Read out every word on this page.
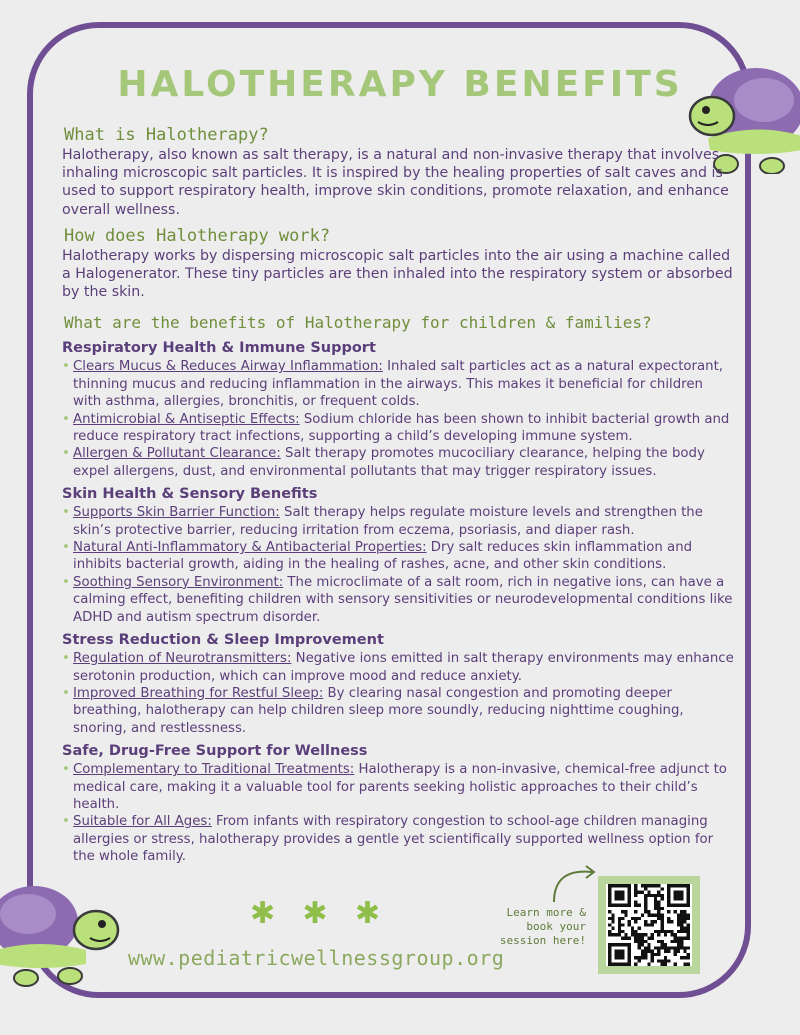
HALOTHERAPY BENEFITS
What is Halotherapy?
Halotherapy, also known as salt therapy, is a natural and non-invasive therapy that involves inhaling microscopic salt particles. It is inspired by the healing properties of salt caves and is used to support respiratory health, improve skin conditions, promote relaxation, and enhance overall wellness.
How does Halotherapy work?
Halotherapy works by dispersing microscopic salt particles into the air using a machine called a Halogenerator. These tiny particles are then inhaled into the respiratory system or absorbed by the skin.
What are the benefits of Halotherapy for children & families?
Respiratory Health & Immune Support
• Clears Mucus & Reduces Airway Inflammation: Inhaled salt particles act as a natural expectorant, thinning mucus and reducing inflammation in the airways. This makes it beneficial for children with asthma, allergies, bronchitis, or frequent colds.
• Antimicrobial & Antiseptic Effects: Sodium chloride has been shown to inhibit bacterial growth and reduce respiratory tract infections, supporting a child’s developing immune system.
• Allergen & Pollutant Clearance: Salt therapy promotes mucociliary clearance, helping the body expel allergens, dust, and environmental pollutants that may trigger respiratory issues.
Skin Health & Sensory Benefits
• Supports Skin Barrier Function: Salt therapy helps regulate moisture levels and strengthen the skin’s protective barrier, reducing irritation from eczema, psoriasis, and diaper rash.
• Natural Anti-Inflammatory & Antibacterial Properties: Dry salt reduces skin inflammation and inhibits bacterial growth, aiding in the healing of rashes, acne, and other skin conditions.
• Soothing Sensory Environment: The microclimate of a salt room, rich in negative ions, can have a calming effect, benefiting children with sensory sensitivities or neurodevelopmental conditions like ADHD and autism spectrum disorder.
Stress Reduction & Sleep Improvement
• Regulation of Neurotransmitters: Negative ions emitted in salt therapy environments may enhance serotonin production, which can improve mood and reduce anxiety.
• Improved Breathing for Restful Sleep: By clearing nasal congestion and promoting deeper breathing, halotherapy can help children sleep more soundly, reducing nighttime coughing, snoring, and restlessness.
Safe, Drug-Free Support for Wellness
• Complementary to Traditional Treatments: Halotherapy is a non-invasive, chemical-free adjunct to medical care, making it a valuable tool for parents seeking holistic approaches to their child’s health.
• Suitable for All Ages: From infants with respiratory congestion to school-age children managing allergies or stress, halotherapy provides a gentle yet scientifically supported wellness option for the whole family.
✱ ✱ ✱
www.pediatricwellnessgroup.org
Learn more &
book your
session here!
